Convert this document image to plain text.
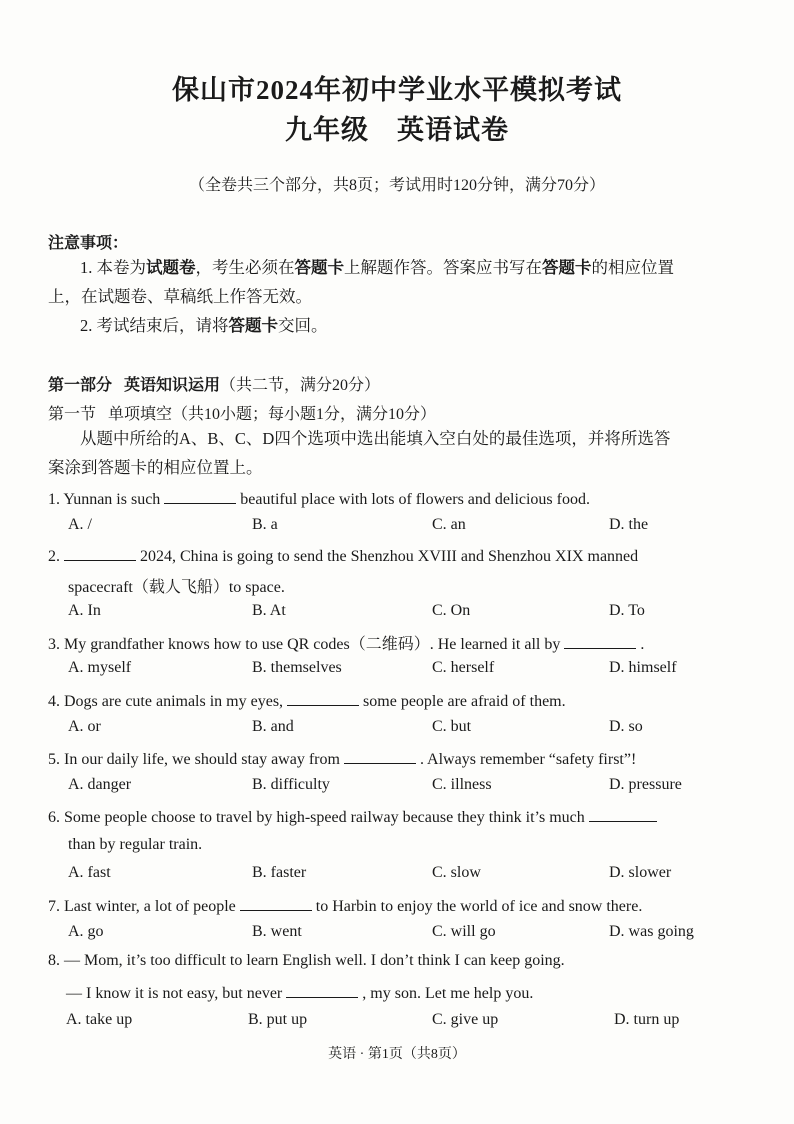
保山市2024年初中学业水平模拟考试
九年级 英语试卷
（全卷共三个部分，共8页；考试用时120分钟，满分70分）
注意事项：
1. 本卷为试题卷，考生必须在答题卡上解题作答。答案应书写在答题卡的相应位置
上，在试题卷、草稿纸上作答无效。
2. 考试结束后，请将答题卡交回。
第一部分 英语知识运用（共二节，满分20分）
第一节 单项填空（共10小题；每小题1分，满分10分）
从题中所给的A、B、C、D四个选项中选出能填入空白处的最佳选项，并将所选答
案涂到答题卡的相应位置上。
1. Yunnan is such	beautiful place with lots of flowers and delicious food.
A. /	B. a	C. an	D. the
2.	2024, China is going to send the Shenzhou XVIII and Shenzhou XIX manned
spacecraft（载人飞船）to space.
A. In	B. At	C. On	D. To
3. My grandfather knows how to use QR codes（二维码）. He learned it all by	.
A. myself	B. themselves	C. herself	D. himself
4. Dogs are cute animals in my eyes,	some people are afraid of them.
A. or	B. and	C. but	D. so
5. In our daily life, we should stay away from	. Always remember “safety first”!
A. danger	B. difficulty	C. illness	D. pressure
6. Some people choose to travel by high-speed railway because they think it’s much
than by regular train.
A. fast	B. faster	C. slow	D. slower
7. Last winter, a lot of people	to Harbin to enjoy the world of ice and snow there.
A. go	B. went	C. will go	D. was going
8. — Mom, it’s too difficult to learn English well. I don’t think I can keep going.
— I know it is not easy, but never	, my son. Let me help you.
A. take up	B. put up	C. give up	D. turn up
英语 · 第1页（共8页）
